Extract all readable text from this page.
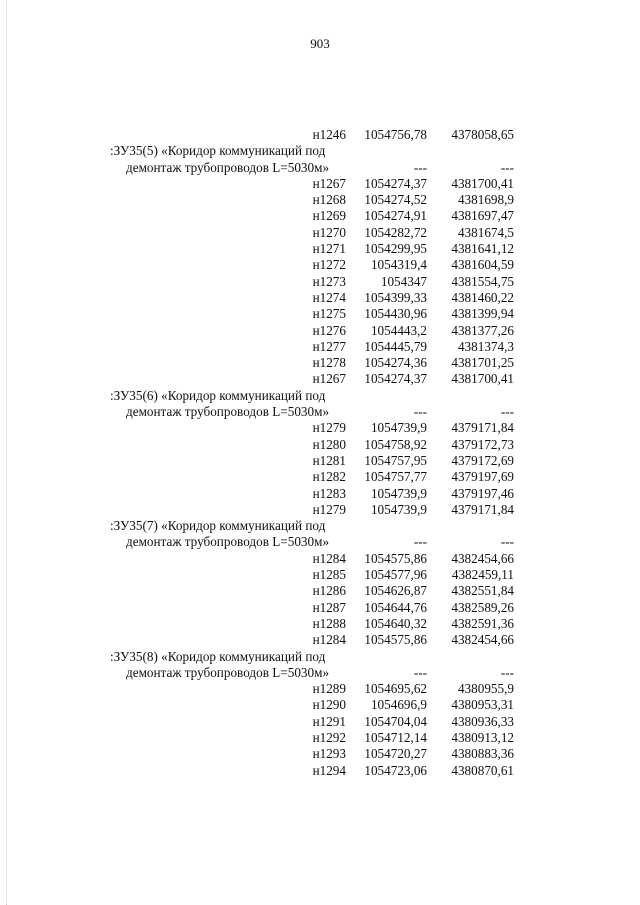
903
н1246	1054756,78	4378058,65
:ЗУ35(5) «Коридор коммуникаций под
демонтаж трубопроводов L=5030м»	---	---
н1267	1054274,37	4381700,41
н1268	1054274,52	4381698,9
н1269	1054274,91	4381697,47
н1270	1054282,72	4381674,5
н1271	1054299,95	4381641,12
н1272	1054319,4	4381604,59
н1273	1054347	4381554,75
н1274	1054399,33	4381460,22
н1275	1054430,96	4381399,94
н1276	1054443,2	4381377,26
н1277	1054445,79	4381374,3
н1278	1054274,36	4381701,25
н1267	1054274,37	4381700,41
:ЗУ35(6) «Коридор коммуникаций под
демонтаж трубопроводов L=5030м»	---	---
н1279	1054739,9	4379171,84
н1280	1054758,92	4379172,73
н1281	1054757,95	4379172,69
н1282	1054757,77	4379197,69
н1283	1054739,9	4379197,46
н1279	1054739,9	4379171,84
:ЗУ35(7) «Коридор коммуникаций под
демонтаж трубопроводов L=5030м»	---	---
н1284	1054575,86	4382454,66
н1285	1054577,96	4382459,11
н1286	1054626,87	4382551,84
н1287	1054644,76	4382589,26
н1288	1054640,32	4382591,36
н1284	1054575,86	4382454,66
:ЗУ35(8) «Коридор коммуникаций под
демонтаж трубопроводов L=5030м»	---	---
н1289	1054695,62	4380955,9
н1290	1054696,9	4380953,31
н1291	1054704,04	4380936,33
н1292	1054712,14	4380913,12
н1293	1054720,27	4380883,36
н1294	1054723,06	4380870,61
